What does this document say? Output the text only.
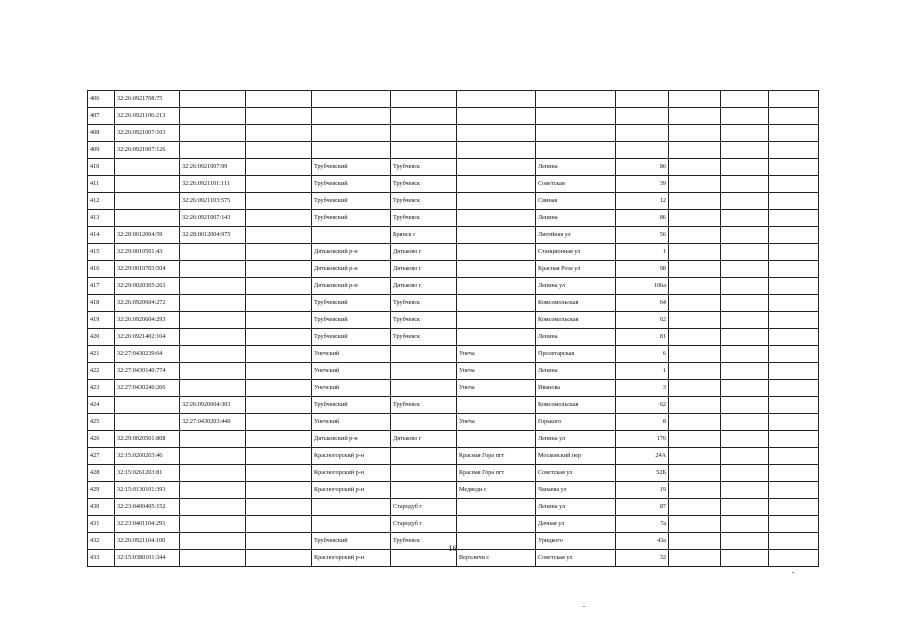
406	32:26:0921708:75										
407	32:26:0921106:213										
408	32:26:0921007:103										
409	32:26:0921007:126										
410		32:26:0921007:99		Трубчевский	Трубчевск		Ленина	86			
411		32:26:0921101:111		Трубчевский	Трубчевск		Советская	39			
412		32:26:0921103:575		Трубчевский	Трубчевск		Свиная	12			
413		32:26:0921007:143		Трубчевский	Трубчевск		Ленина	86			
414	32:28:0012004:59	32:28:0012004:975			Брянск г		Литейная ул	56			
415	32:29:0010501:43			Дятьковский р-н	Дятьково г		Станционная ул	1			
416	32:29:0010703:504			Дятьковский р-н	Дятьково г		Красная Роза ул	98			
417	32:29:0020305:263			Дятьковский р-н	Дятьково г		Ленина ул	106а			
418	32:26:0920604:272			Трубчевский	Трубчевск		Комсомольская	64			
419	32:26:0920604:293			Трубчевский	Трубчевск		Комсомольская	62			
420	32:26:0921402:104			Трубчевский	Трубчевск		Ленина	81			
421	32:27:0430239:64			Унечский		Унеча	Пролетарская	6			
422	32:27:0430140:774			Унечский		Унеча	Ленина	1			
423	32:27:0430246:206			Унечский		Унеча	Иванова	3			
424		32:26:0920604:303		Трубчевский	Трубчевск		Комсомольская	62			
425		32:27:0430203:440		Унечский		Унеча	Горького	8			
426	32:29:0020501:808			Дятьковский р-н	Дятьково г		Ленина ул	176			
427	32:15:0260203:46			Красногорский р-н		Красная Гора пгт	Московский пер	24А			
428	32:15:0261203:81			Красногорский р-н		Красная Гора пгт	Советская ул	52Б			
429	32:15:0130101:393			Красногорский р-н		Медведи с	Чапаева ул	19			
430	32:23:0400405:152				Стародуб г		Ленина ул	87			
431	32:23:0401104:293				Стародуб г		Дачная ул	7а			
432	32:26:0921104:100			Трубчевский	Трубчевск		Урицкого	43а			
433	32:15:0380101:344			Красногорский р-н		Верхличи с	Советская ул	32			
16
